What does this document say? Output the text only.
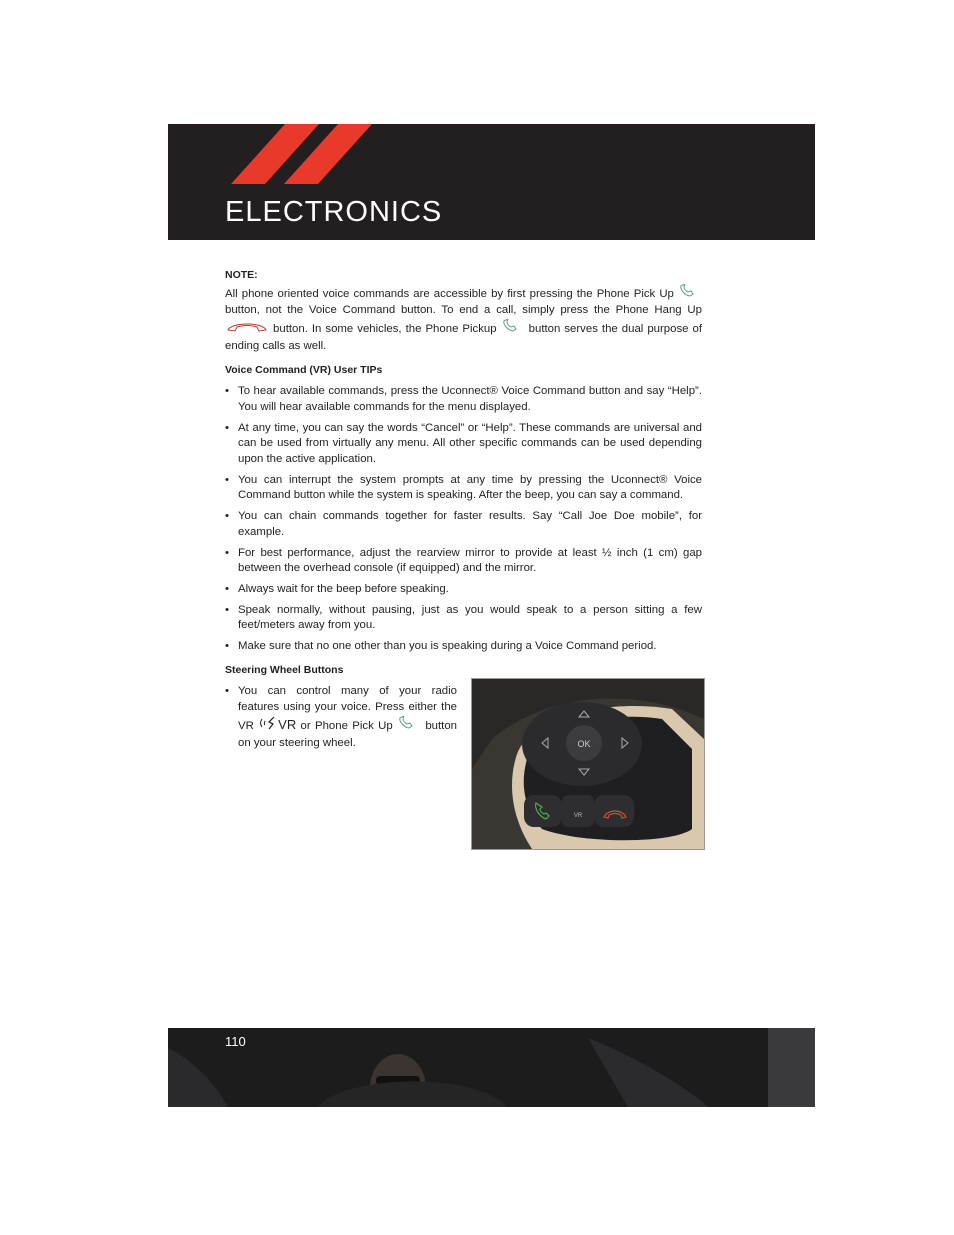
ELECTRONICS

NOTE:

All phone oriented voice commands are accessible by first pressing the Phone Pick Up  button, not the Voice Command button. To end a call, simply press the Phone Hang Up  button. In some vehicles, the Phone Pickup	button serves the dual purpose of ending calls as well.

Voice Command (VR) User TIPs

• To hear available commands, press the Uconnect® Voice Command button and say “Help”. You will hear available commands for the menu displayed.
• At any time, you can say the words “Cancel” or “Help”. These commands are universal and can be used from virtually any menu. All other specific commands can be used depending upon the active application.
• You can interrupt the system prompts at any time by pressing the Uconnect® Voice Command button while the system is speaking. After the beep, you can say a command.
• You can chain commands together for faster results. Say “Call Joe Doe mobile”, for example.
• For best performance, adjust the rearview mirror to provide at least ½ inch (1 cm) gap between the overhead console (if equipped) and the mirror.
• Always wait for the beep before speaking.
• Speak normally, without pausing, just as you would speak to a person sitting a few feet/meters away from you.
• Make sure that no one other than you is speaking during a Voice Command period.

Steering Wheel Buttons

• You can control many of your radio features using your voice. Press either the VR VR or Phone Pick Up	button on your steering wheel.	OK
VR
110
